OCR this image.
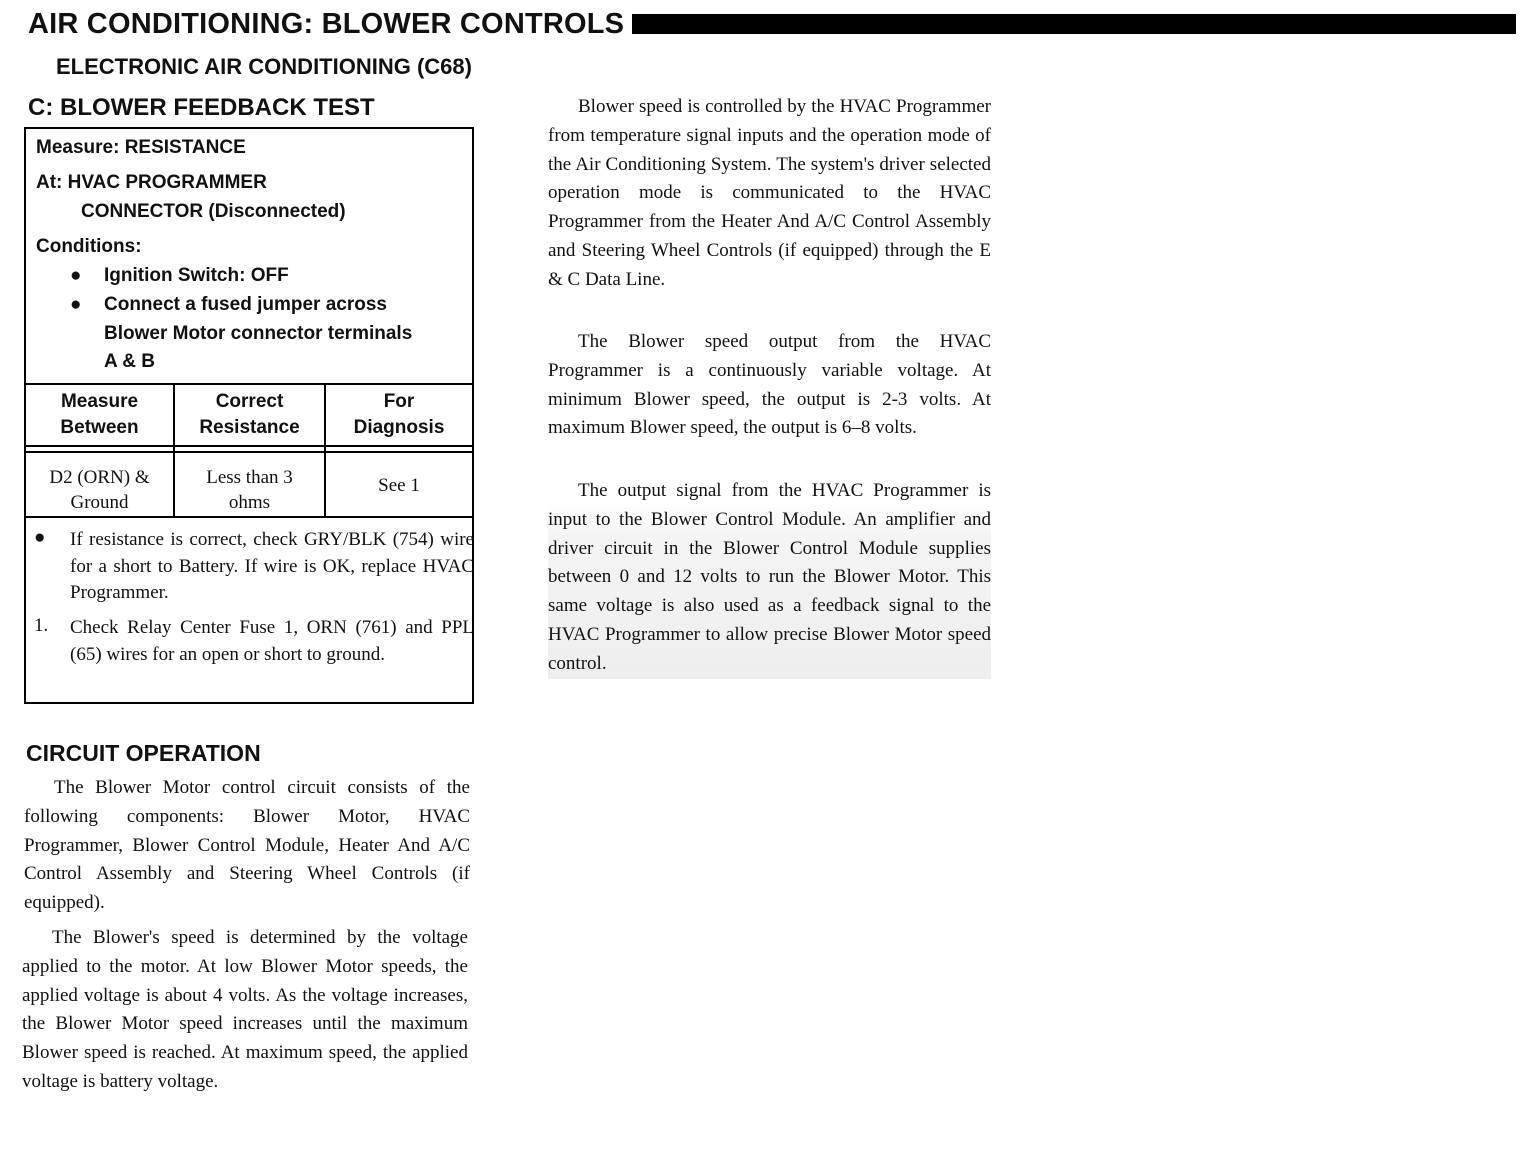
AIR CONDITIONING: BLOWER CONTROLS
ELECTRONIC AIR CONDITIONING (C68)
C: BLOWER FEEDBACK TEST
Measure: RESISTANCE
At: HVAC PROGRAMMER
CONNECTOR (Disconnected)
Conditions:
● Ignition Switch: OFF
● Connect a fused jumper across
Blower Motor connector terminals
A & B
Measure
Between
Correct
Resistance
For
Diagnosis
D2 (ORN) &
Ground
Less than 3
ohms
See 1
● If resistance is correct, check GRY/BLK (754) wire for a short to Battery. If wire is OK, replace HVAC Programmer.
1. Check Relay Center Fuse 1, ORN (761) and PPL (65) wires for an open or short to ground.
CIRCUIT OPERATION

The Blower Motor control circuit consists of the following components: Blower Motor, HVAC Programmer, Blower Control Module, Heater And A/C Control Assembly and Steering Wheel Controls (if equipped).

The Blower's speed is determined by the voltage applied to the motor. At low Blower Motor speeds, the applied voltage is about 4 volts. As the voltage increases, the Blower Motor speed increases until the maximum Blower speed is reached. At maximum speed, the applied voltage is battery voltage.

Blower speed is controlled by the HVAC Programmer from temperature signal inputs and the operation mode of the Air Conditioning System. The system's driver selected operation mode is communicated to the HVAC Programmer from the Heater And A/C Control Assembly and Steering Wheel Controls (if equipped) through the E & C Data Line.

The Blower speed output from the HVAC Programmer is a continuously variable voltage. At minimum Blower speed, the output is 2-3 volts. At maximum Blower speed, the output is 6–8 volts.

The output signal from the HVAC Programmer is input to the Blower Control Module. An amplifier and driver circuit in the Blower Control Module supplies between 0 and 12 volts to run the Blower Motor. This same voltage is also used as a feedback signal to the HVAC Programmer to allow precise Blower Motor speed control.
